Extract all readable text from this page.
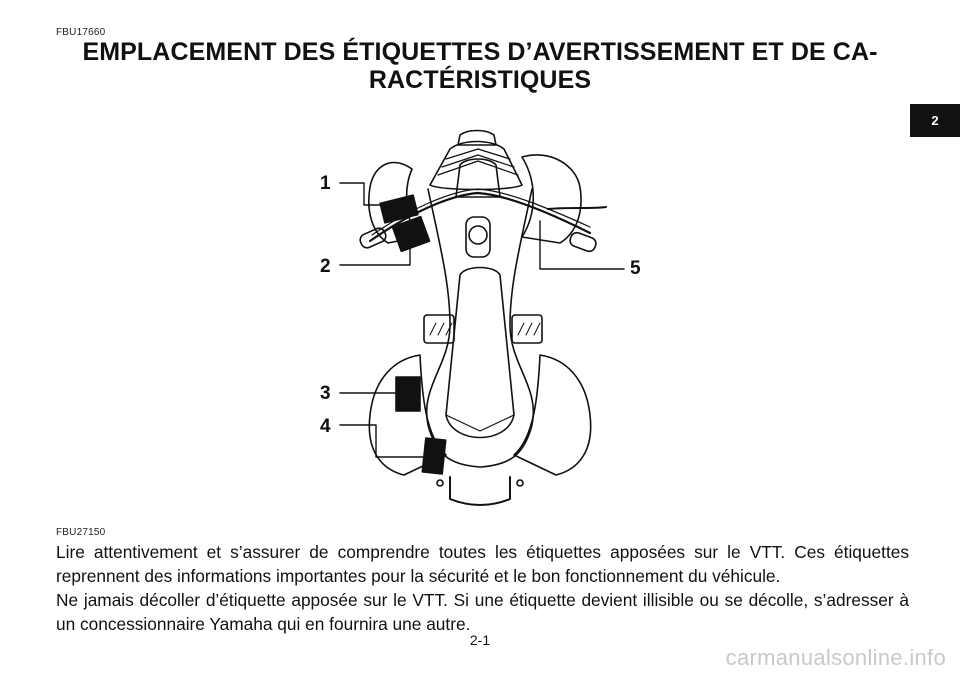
FBU17660
EMPLACEMENT DES ÉTIQUETTES D’AVERTISSEMENT ET DE CA-RACTÉRISTIQUES
2
1
2
3
4
5
FBU27150
Lire attentivement et s’assurer de comprendre toutes les étiquettes apposées sur le VTT. Ces étiquettes reprennent des informations importantes pour la sécurité et le bon fonctionnement du véhicule.
Ne jamais décoller d’étiquette apposée sur le VTT. Si une étiquette devient illisible ou se décolle, s’adresser à un concessionnaire Yamaha qui en fournira une autre.
2-1
carmanualsonline.info
